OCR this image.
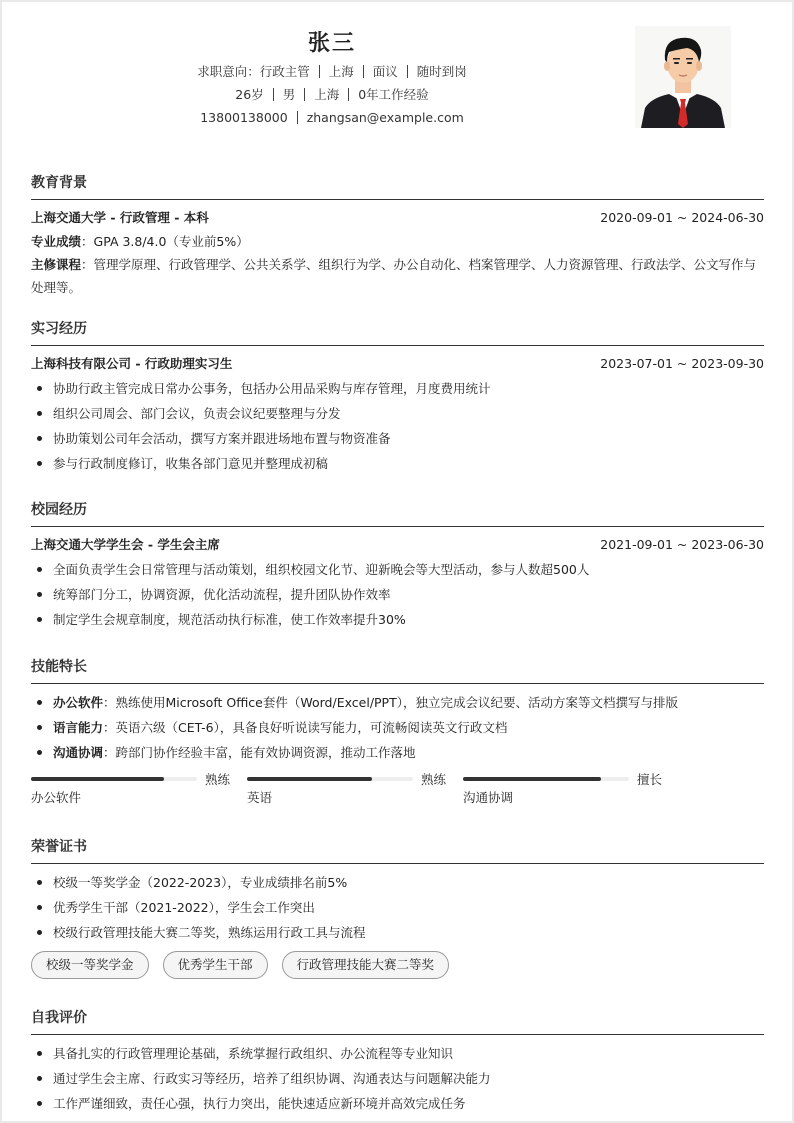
张三
求职意向：行政主管 上海 面议 随时到岗
26岁 男 上海 0年工作经验
13800138000 zhangsan@example.com
教育背景
上海交通大学 - 行政管理 - 本科	2020-09-01 ~ 2024-06-30
专业成绩：GPA 3.8/4.0（专业前5%）
主修课程：管理学原理、行政管理学、公共关系学、组织行为学、办公自动化、档案管理学、人力资源管理、行政法学、公文写作与处理等。
实习经历
上海科技有限公司 - 行政助理实习生	2023-07-01 ~ 2023-09-30
协助行政主管完成日常办公事务，包括办公用品采购与库存管理，月度费用统计
组织公司周会、部门会议，负责会议纪要整理与分发
协助策划公司年会活动，撰写方案并跟进场地布置与物资准备
参与行政制度修订，收集各部门意见并整理成初稿
校园经历
上海交通大学学生会 - 学生会主席	2021-09-01 ~ 2023-06-30
全面负责学生会日常管理与活动策划，组织校园文化节、迎新晚会等大型活动，参与人数超500人
统筹部门分工，协调资源，优化活动流程，提升团队协作效率
制定学生会规章制度，规范活动执行标准，使工作效率提升30%
技能特长
办公软件：熟练使用Microsoft Office套件（Word/Excel/PPT），独立完成会议纪要、活动方案等文档撰写与排版
语言能力：英语六级（CET-6），具备良好听说读写能力，可流畅阅读英文行政文档
沟通协调：跨部门协作经验丰富，能有效协调资源，推动工作落地
熟练
办公软件
熟练
英语
擅长
沟通协调
荣誉证书
校级一等奖学金（2022-2023），专业成绩排名前5%
优秀学生干部（2021-2022），学生会工作突出
校级行政管理技能大赛二等奖，熟练运用行政工具与流程
校级一等奖学金	优秀学生干部	行政管理技能大赛二等奖
自我评价
具备扎实的行政管理理论基础，系统掌握行政组织、办公流程等专业知识
通过学生会主席、行政实习等经历，培养了组织协调、沟通表达与问题解决能力
工作严谨细致，责任心强，执行力突出，能快速适应新环境并高效完成任务
